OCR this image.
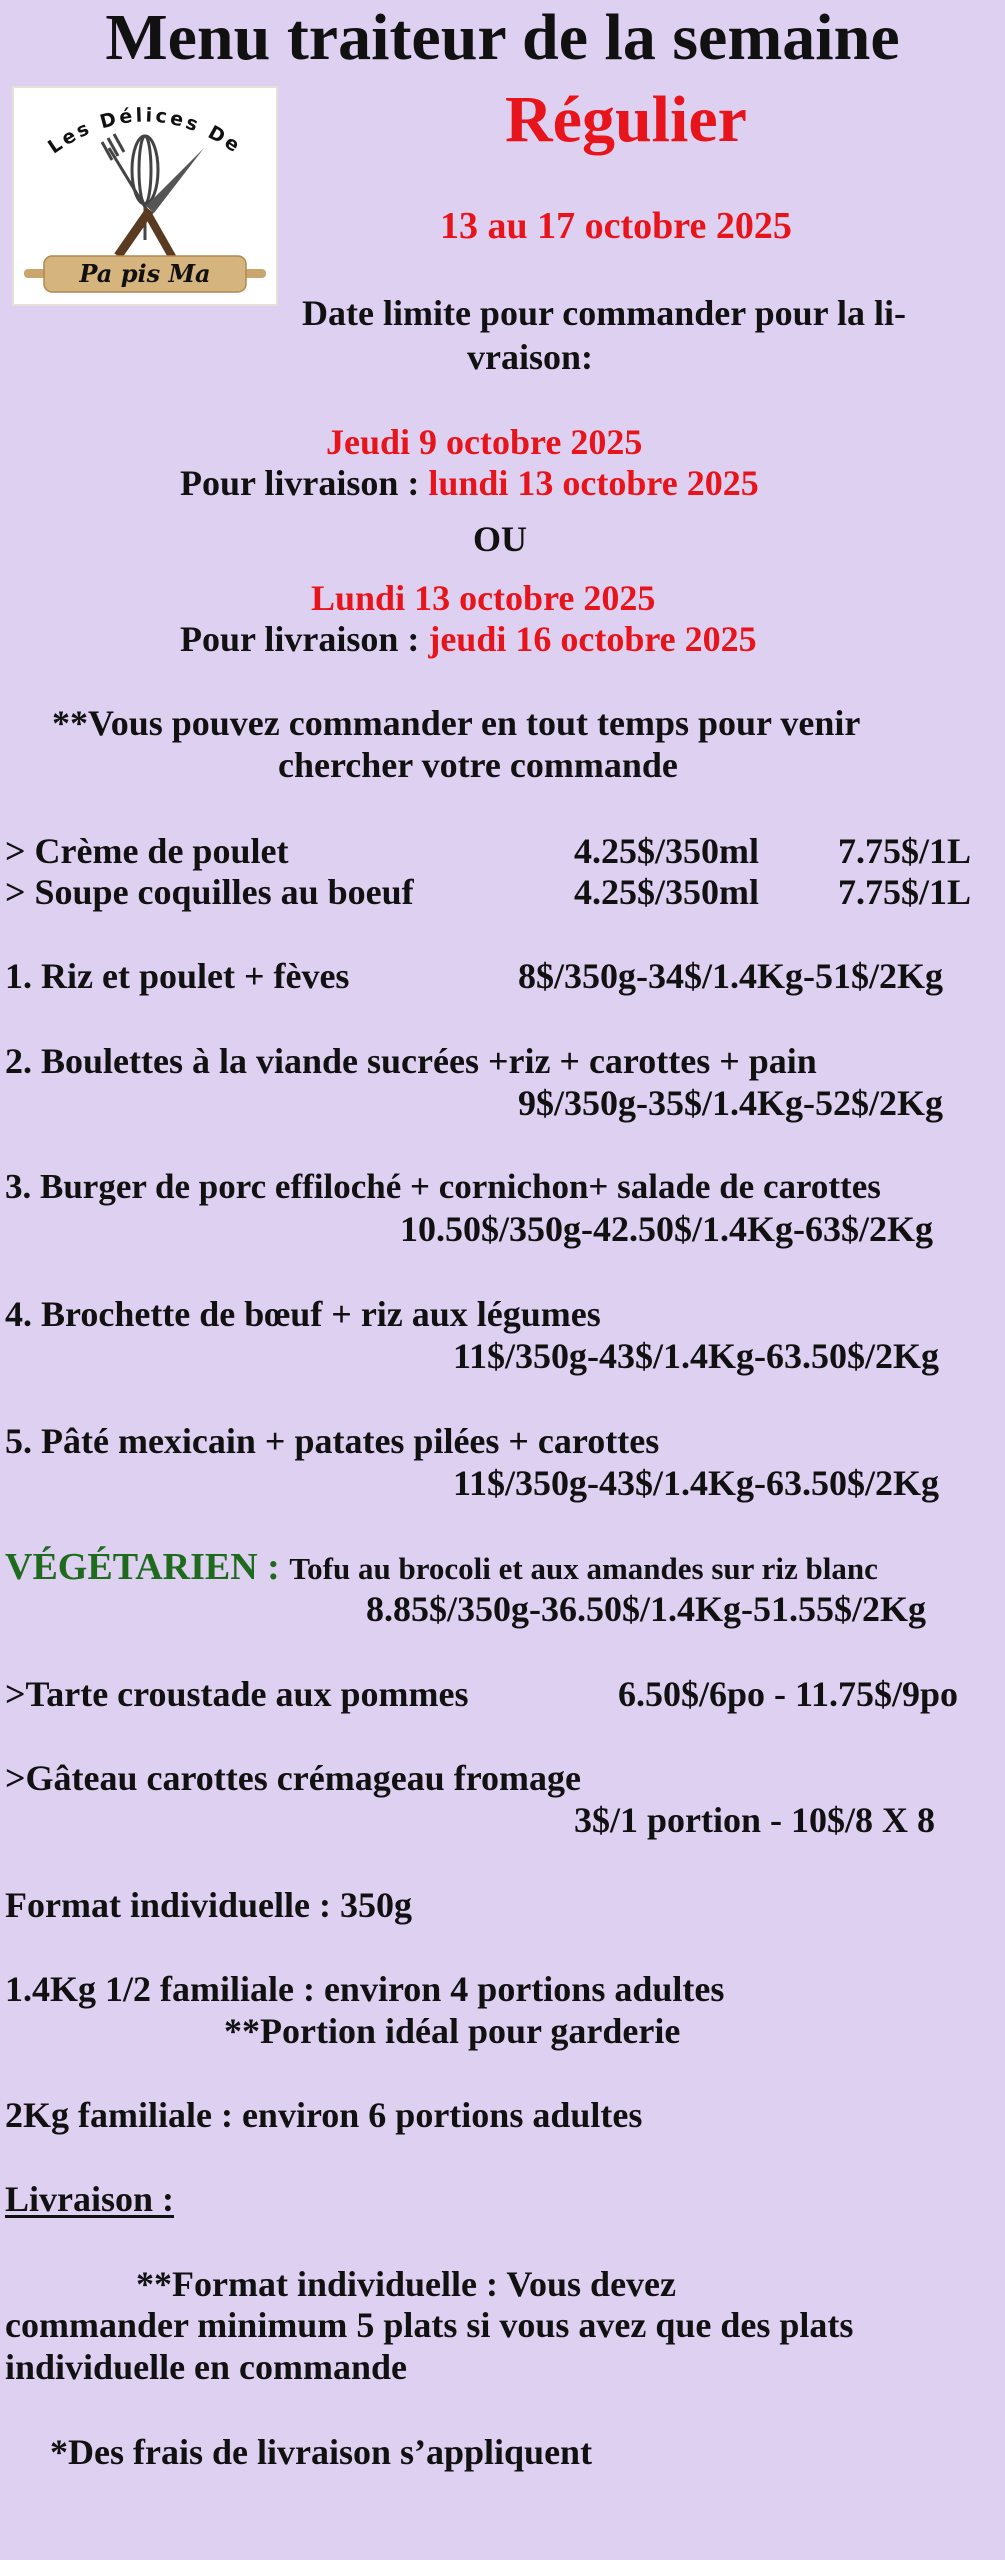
Menu traiteur de la semaine
Les Délices De
Pa pis Ma
Régulier
13 au 17 octobre 2025
Date limite pour commander pour la li-
vraison:
Jeudi 9 octobre 2025
Pour livraison : lundi 13 octobre 2025
OU
Lundi 13 octobre 2025
Pour livraison : jeudi 16 octobre 2025
**Vous pouvez commander en tout temps pour venir
chercher votre commande
> Crème de poulet	4.25$/350ml 7.75$/1L
> Soupe coquilles au boeuf	4.25$/350ml 7.75$/1L
1. Riz et poulet + fèves	8$/350g-34$/1.4Kg-51$/2Kg
2. Boulettes à la viande sucrées +riz + carottes + pain
9$/350g-35$/1.4Kg-52$/2Kg
3. Burger de porc effiloché + cornichon+ salade de carottes
10.50$/350g-42.50$/1.4Kg-63$/2Kg
4. Brochette de bœuf + riz aux légumes
11$/350g-43$/1.4Kg-63.50$/2Kg
5. Pâté mexicain + patates pilées + carottes
11$/350g-43$/1.4Kg-63.50$/2Kg
VÉGÉTARIEN : Tofu au brocoli et aux amandes sur riz blanc
8.85$/350g-36.50$/1.4Kg-51.55$/2Kg
>Tarte croustade aux pommes	6.50$/6po - 11.75$/9po
>Gâteau carottes crémageau fromage
3$/1 portion - 10$/8 X 8
Format individuelle : 350g
1.4Kg 1/2 familiale : environ 4 portions adultes
**Portion idéal pour garderie
2Kg familiale : environ 6 portions adultes
Livraison :
**Format individuelle : Vous devez
commander minimum 5 plats si vous avez que des plats
individuelle en commande
*Des frais de livraison s’appliquent
